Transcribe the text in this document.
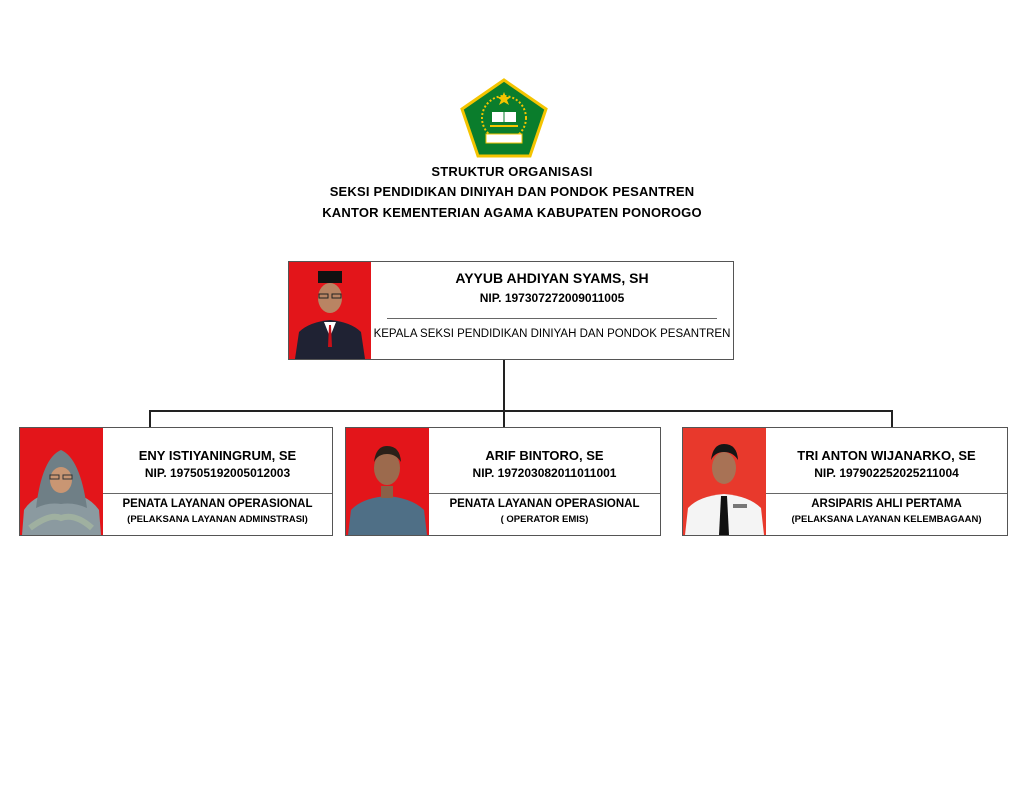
STRUKTUR ORGANISASI
SEKSI PENDIDIKAN DINIYAH DAN PONDOK PESANTREN
KANTOR KEMENTERIAN AGAMA KABUPATEN PONOROGO
AYYUB AHDIYAN SYAMS, SH
NIP. 197307272009011005
KEPALA SEKSI PENDIDIKAN DINIYAH DAN PONDOK PESANTREN
ENY ISTIYANINGRUM, SE
NIP. 197505192005012003
PENATA LAYANAN OPERASIONAL
(PELAKSANA LAYANAN ADMINSTRASI)
ARIF BINTORO, SE
NIP. 197203082011011001
PENATA LAYANAN OPERASIONAL
( OPERATOR EMIS)
TRI ANTON WIJANARKO, SE
NIP. 197902252025211004
ARSIPARIS AHLI PERTAMA
(PELAKSANA LAYANAN KELEMBAGAAN)
